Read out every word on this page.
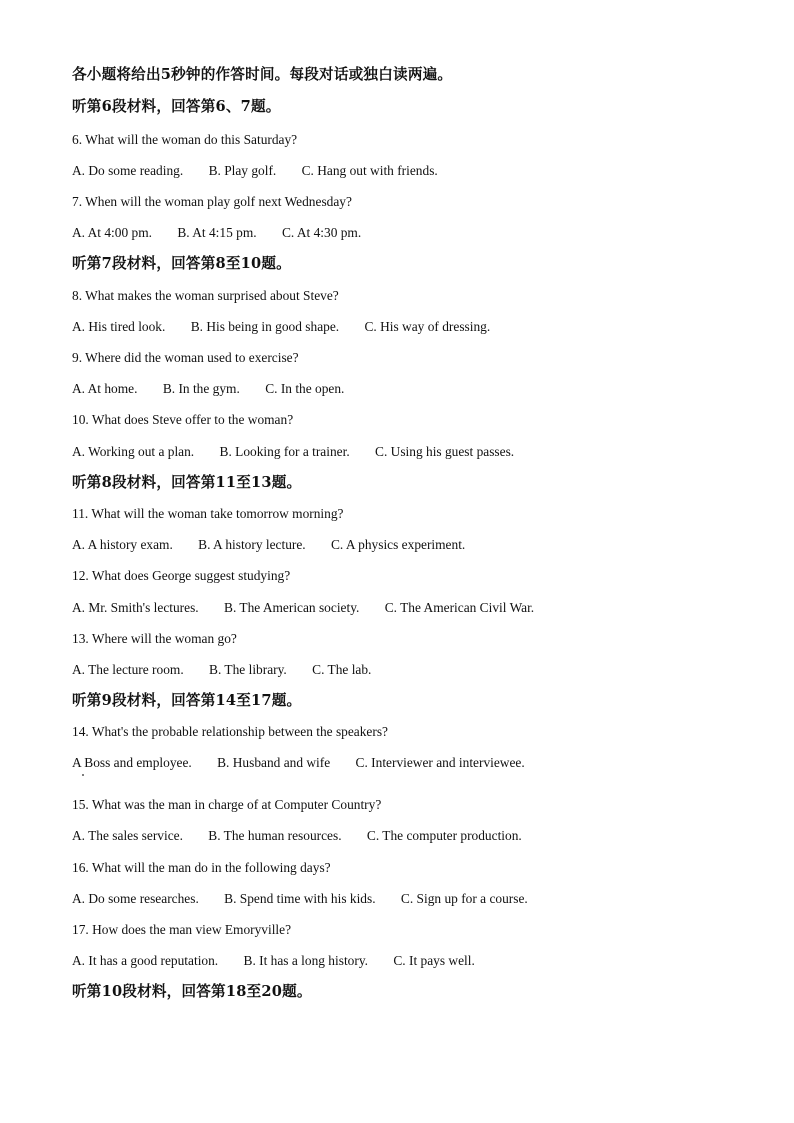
各小题将给出5秒钟的作答时间。每段对话或独白读两遍。
听第6段材料，回答第6、7题。
6. What will the woman do this Saturday?
A. Do some reading. B. Play golf. C. Hang out with friends.
7. When will the woman play golf next Wednesday?
A. At 4:00 pm. B. At 4:15 pm. C. At 4:30 pm.
听第7段材料，回答第8至10题。
8. What makes the woman surprised about Steve?
A. His tired look. B. His being in good shape. C. His way of dressing.
9. Where did the woman used to exercise?
A. At home. B. In the gym. C. In the open.
10. What does Steve offer to the woman?
A. Working out a plan. B. Looking for a trainer. C. Using his guest passes.
听第8段材料，回答第11至13题。
11. What will the woman take tomorrow morning?
A. A history exam. B. A history lecture. C. A physics experiment.
12. What does George suggest studying?
A. Mr. Smith's lectures. B. The American society. C. The American Civil War.
13. Where will the woman go?
A. The lecture room. B. The library. C. The lab.
听第9段材料，回答第14至17题。
14. What's the probable relationship between the speakers?
A Boss and employee. B. Husband and wife C. Interviewer and interviewee.
15. What was the man in charge of at Computer Country?
A. The sales service. B. The human resources. C. The computer production.
16. What will the man do in the following days?
A. Do some researches. B. Spend time with his kids. C. Sign up for a course.
17. How does the man view Emoryville?
A. It has a good reputation. B. It has a long history. C. It pays well.
听第10段材料，回答第18至20题。
